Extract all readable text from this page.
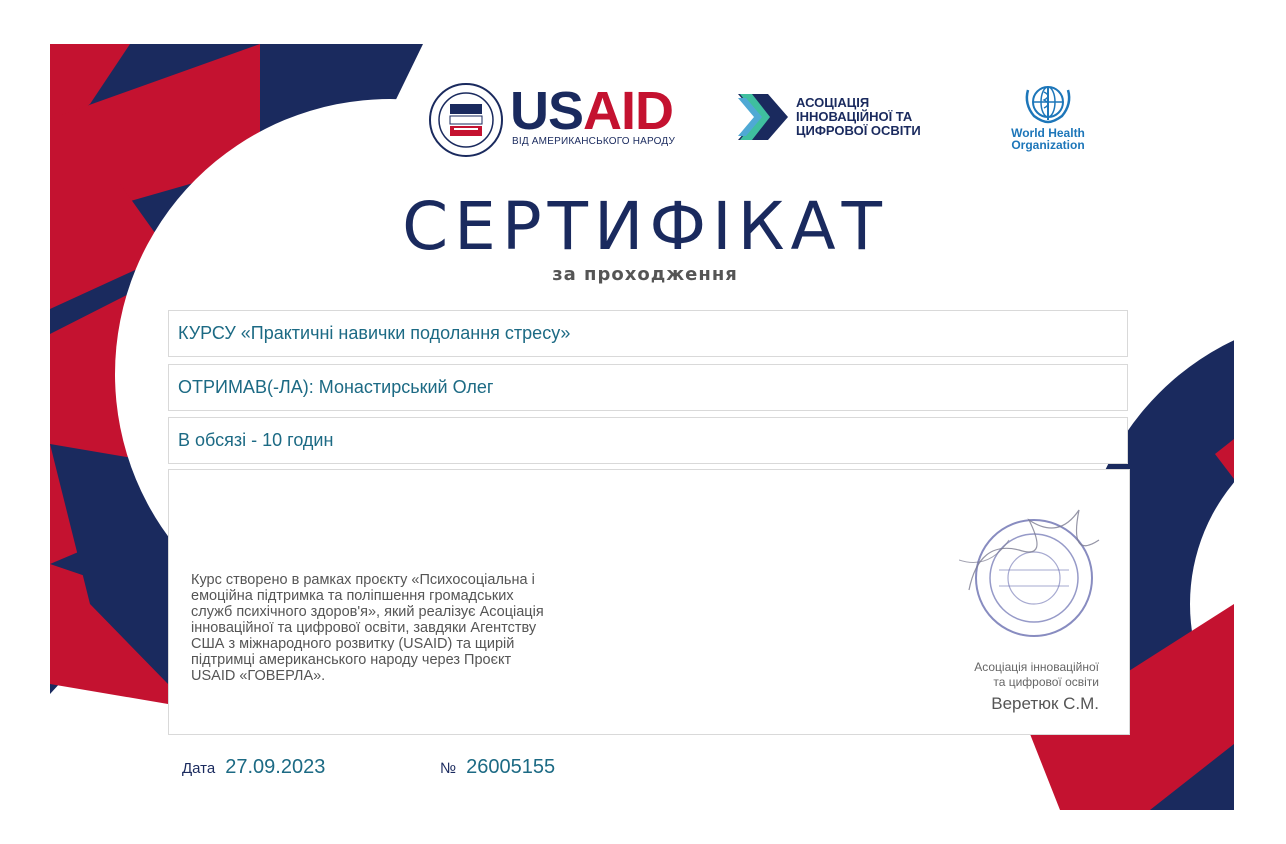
USAID
ВІД АМЕРИКАНСЬКОГО НАРОДУ
АСОЦІАЦІЯ
ІННОВАЦІЙНОЇ ТА
ЦИФРОВОЇ ОСВІТИ	World Health
Organization
СЕРТИФІКАТ
за проходження
КУРСУ «Практичні навички подолання стресу»
ОТРИМАВ(-ЛА): Монастирський Олег
В обсязі - 10 годин

Курс створено в рамках проєкту «Психосоціальна і
емоційна підтримка та поліпшення громадських
служб психічного здоров'я», який реалізує Асоціація
інноваційної та цифрової освіти, завдяки Агентству
США з міжнародного розвитку (USAID) та щирій
підтримці американського народу через Проєкт
USAID «ГОВЕРЛА».

Асоціація інноваційної
та цифрової освіти
Веретюк С.М.
Дата 27.09.2023	№ 26005155
